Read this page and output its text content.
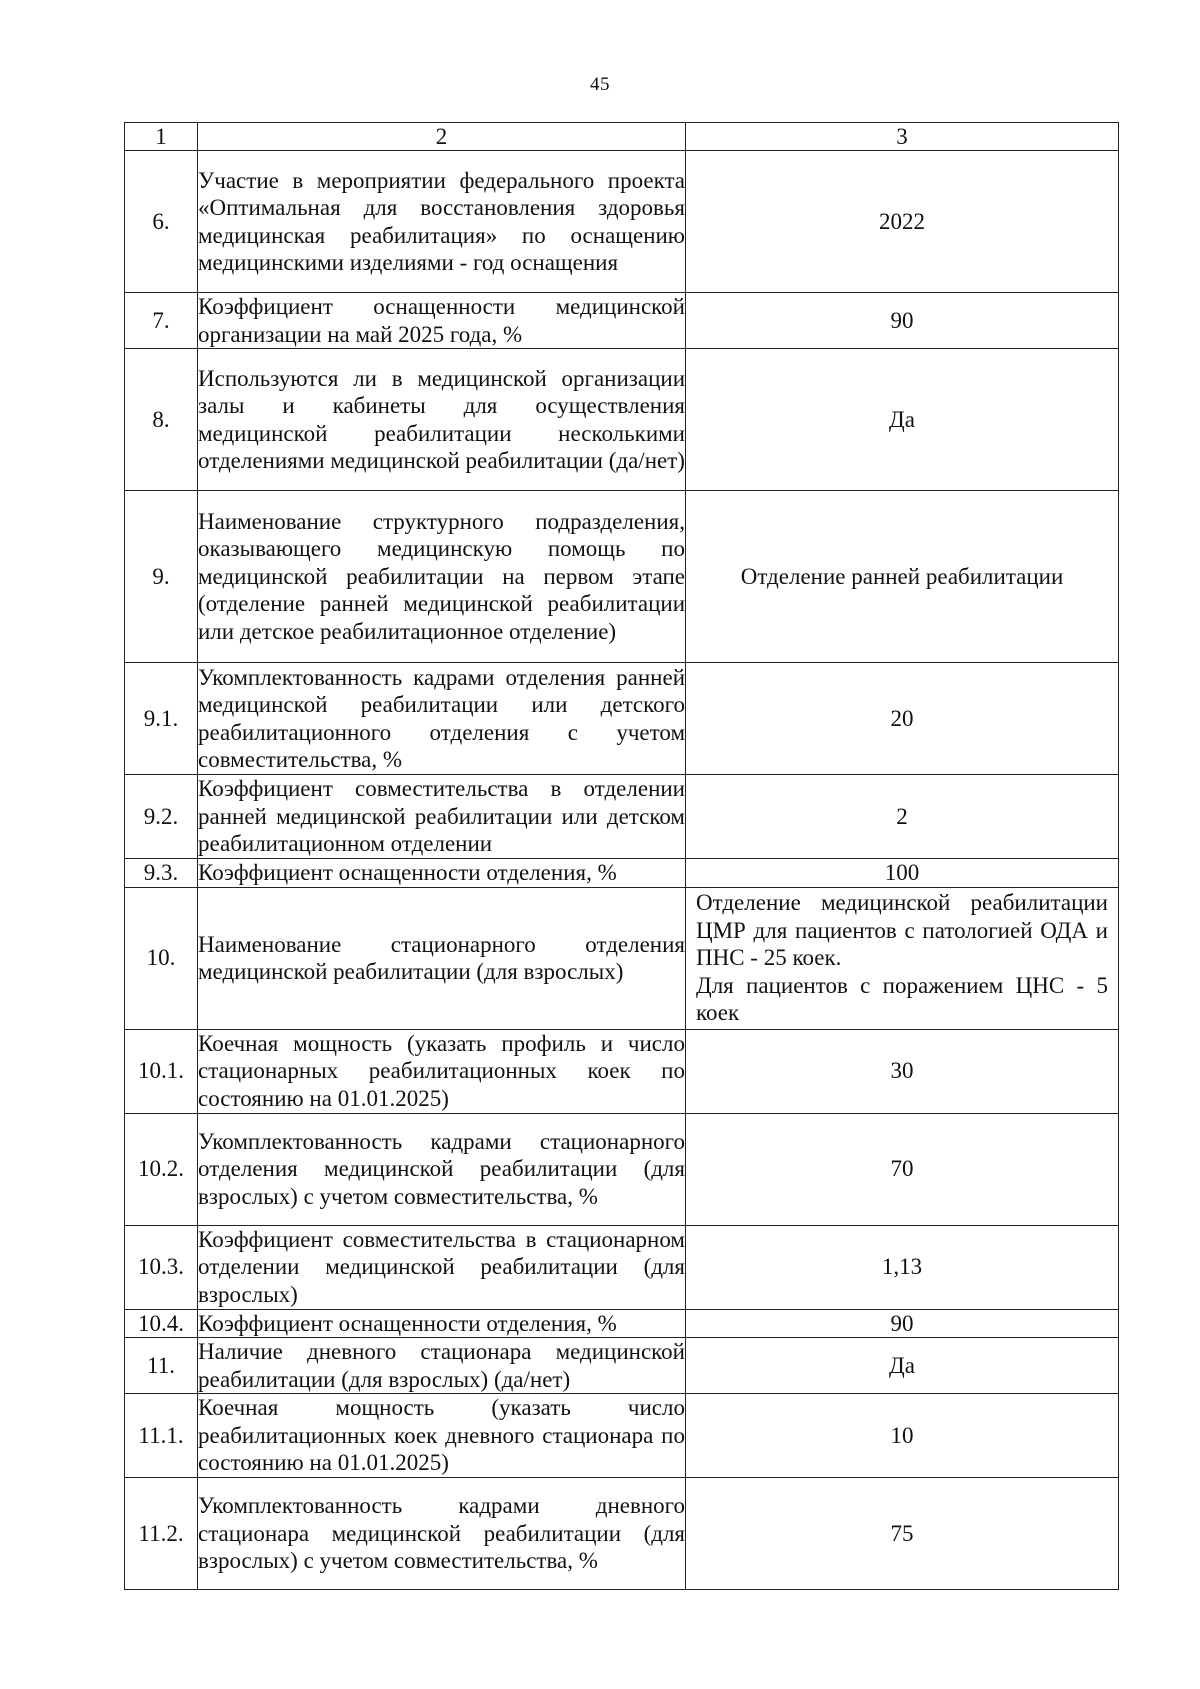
45
1	2	3
6.	Участие в мероприятии федерального проекта «Оптимальная для восстановления здоровья медицинская реабилитация» по оснащению медицинскими изделиями - год оснащения	2022
7.	Коэффициент оснащенности медицинской организации на май 2025 года, %	90
8.	Используются ли в медицинской организации залы и кабинеты для осуществления медицинской реабилитации несколькими отделениями медицинской реабилитации (да/нет)	Да
9.	Наименование структурного подразделения, оказывающего медицинскую помощь по медицинской реабилитации на первом этапе (отделение ранней медицинской реабилитации или детское реабилитационное отделение)	Отделение ранней реабилитации
9.1.	Укомплектованность кадрами отделения ранней медицинской реабилитации или детского реабилитационного отделения с учетом совместительства, %	20
9.2.	Коэффициент совместительства в отделении ранней медицинской реабилитации или детском реабилитационном отделении	2
9.3.	Коэффициент оснащенности отделения, %	100
10.	Наименование стационарного отделения медицинской реабилитации (для взрослых)	Отделение медицинской реабилитации ЦМР для пациентов с патологией ОДА и ПНС - 25 коек.
Для пациентов с поражением ЦНС - 5 коек

10.1.	Коечная мощность (указать профиль и число стационарных реабилитационных коек по состоянию на 01.01.2025)	30
10.2.	Укомплектованность кадрами стационарного отделения медицинской реабилитации (для взрослых) с учетом совместительства, %	70
10.3.	Коэффициент совместительства в стационарном отделении медицинской реабилитации (для взрослых)	1,13
10.4.	Коэффициент оснащенности отделения, %	90
11.	Наличие дневного стационара медицинской реабилитации (для взрослых) (да/нет)	Да
11.1.	Коечная мощность (указать число реабилитационных коек дневного стационара по состоянию на 01.01.2025)	10
11.2.	Укомплектованность кадрами дневного стационара медицинской реабилитации (для взрослых) с учетом совместительства, %	75
